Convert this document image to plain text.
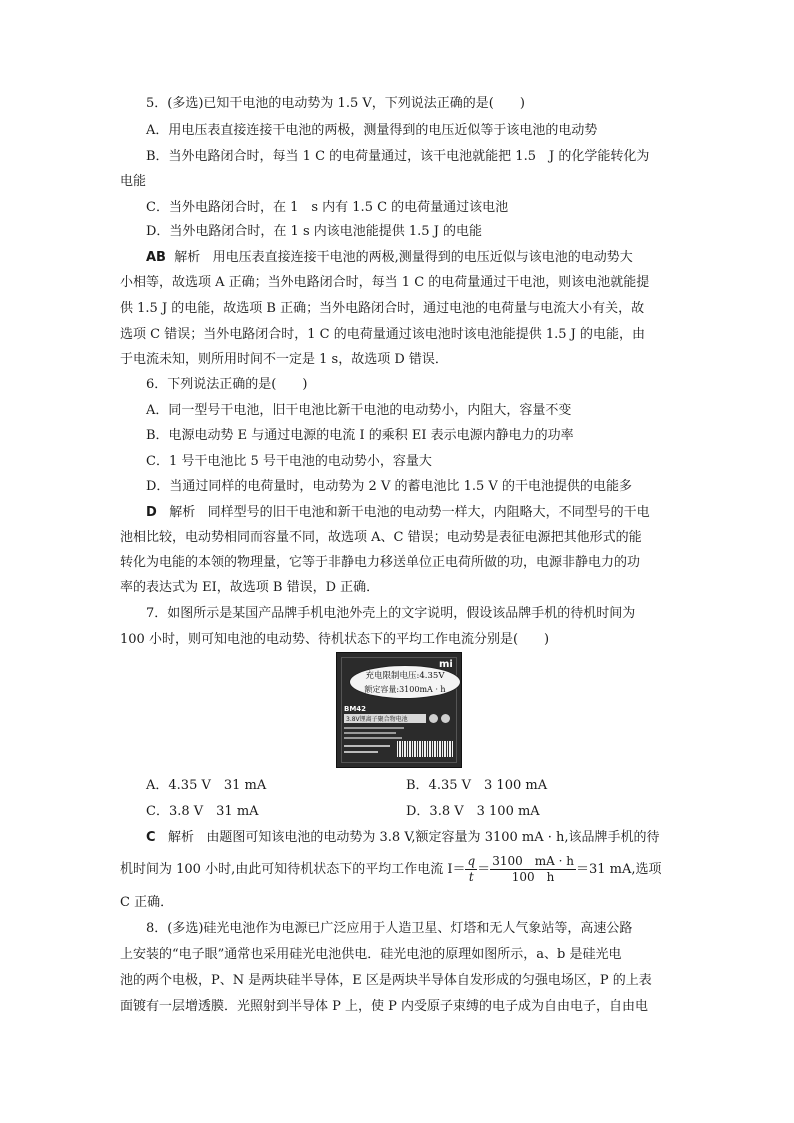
5．(多选)已知干电池的电动势为 1.5 V，下列说法正确的是(　　)
A．用电压表直接连接干电池的两极，测量得到的电压近似等于该电池的电动势
B．当外电路闭合时，每当 1 C 的电荷量通过，该干电池就能把 1.5　J 的化学能转化为
电能
C．当外电路闭合时，在 1　s 内有 1.5 C 的电荷量通过该电池
D．当外电路闭合时，在 1 s 内该电池能提供 1.5 J 的电能
AB 解析 用电压表直接连接干电池的两极,测量得到的电压近似与该电池的电动势大
小相等，故选项 A 正确；当外电路闭合时，每当 1 C 的电荷量通过干电池，则该电池就能提
供 1.5 J 的电能，故选项 B 正确；当外电路闭合时，通过电池的电荷量与电流大小有关，故
选项 C 错误；当外电路闭合时，1 C 的电荷量通过该电池时该电池能提供 1.5 J 的电能，由
于电流未知，则所用时间不一定是 1 s，故选项 D 错误．
6．下列说法正确的是(　　)
A．同一型号干电池，旧干电池比新干电池的电动势小，内阻大，容量不变
B．电源电动势 E 与通过电源的电流 I 的乘积 EI 表示电源内静电力的功率
C．1 号干电池比 5 号干电池的电动势小，容量大
D．当通过同样的电荷量时，电动势为 2 V 的蓄电池比 1.5 V 的干电池提供的电能多
D 解析 同样型号的旧干电池和新干电池的电动势一样大，内阻略大，不同型号的干电
池相比较，电动势相同而容量不同，故选项 A、C 错误；电动势是表征电源把其他形式的能
转化为电能的本领的物理量，它等于非静电力移送单位正电荷所做的功，电源非静电力的功
率的表达式为 EI，故选项 B 错误，D 正确．
7．如图所示是某国产品牌手机电池外壳上的文字说明，假设该品牌手机的待机时间为
100 小时，则可知电池的电动势、待机状态下的平均工作电流分别是(　　)
mi
充电限制电压:4.35V
额定容量:3100mA · h
BM42
3.8V锂离子聚合物电池
A．4.35 V　31 mA	B．4.35 V　3 100 mA
C．3.8 V　31 mA	D．3.8 V　3 100 mA
C 解析 由题图可知该电池的电动势为 3.8 V,额定容量为 3100 mA · h,该品牌手机的待
机时间为 100 小时,由此可知待机状态下的平均工作电流 $I= \frac{q}{t} = \frac{3100 mA \cdot h}{100 h} =31$ mA,选项
C 正确．
8．(多选)硅光电池作为电源已广泛应用于人造卫星、灯塔和无人气象站等，高速公路
上安装的“电子眼”通常也采用硅光电池供电．硅光电池的原理如图所示，a、b 是硅光电
池的两个电极，P、N 是两块硅半导体，E 区是两块半导体自发形成的匀强电场区，P 的上表
面镀有一层增透膜．光照射到半导体 P 上，使 P 内受原子束缚的电子成为自由电子，自由电
